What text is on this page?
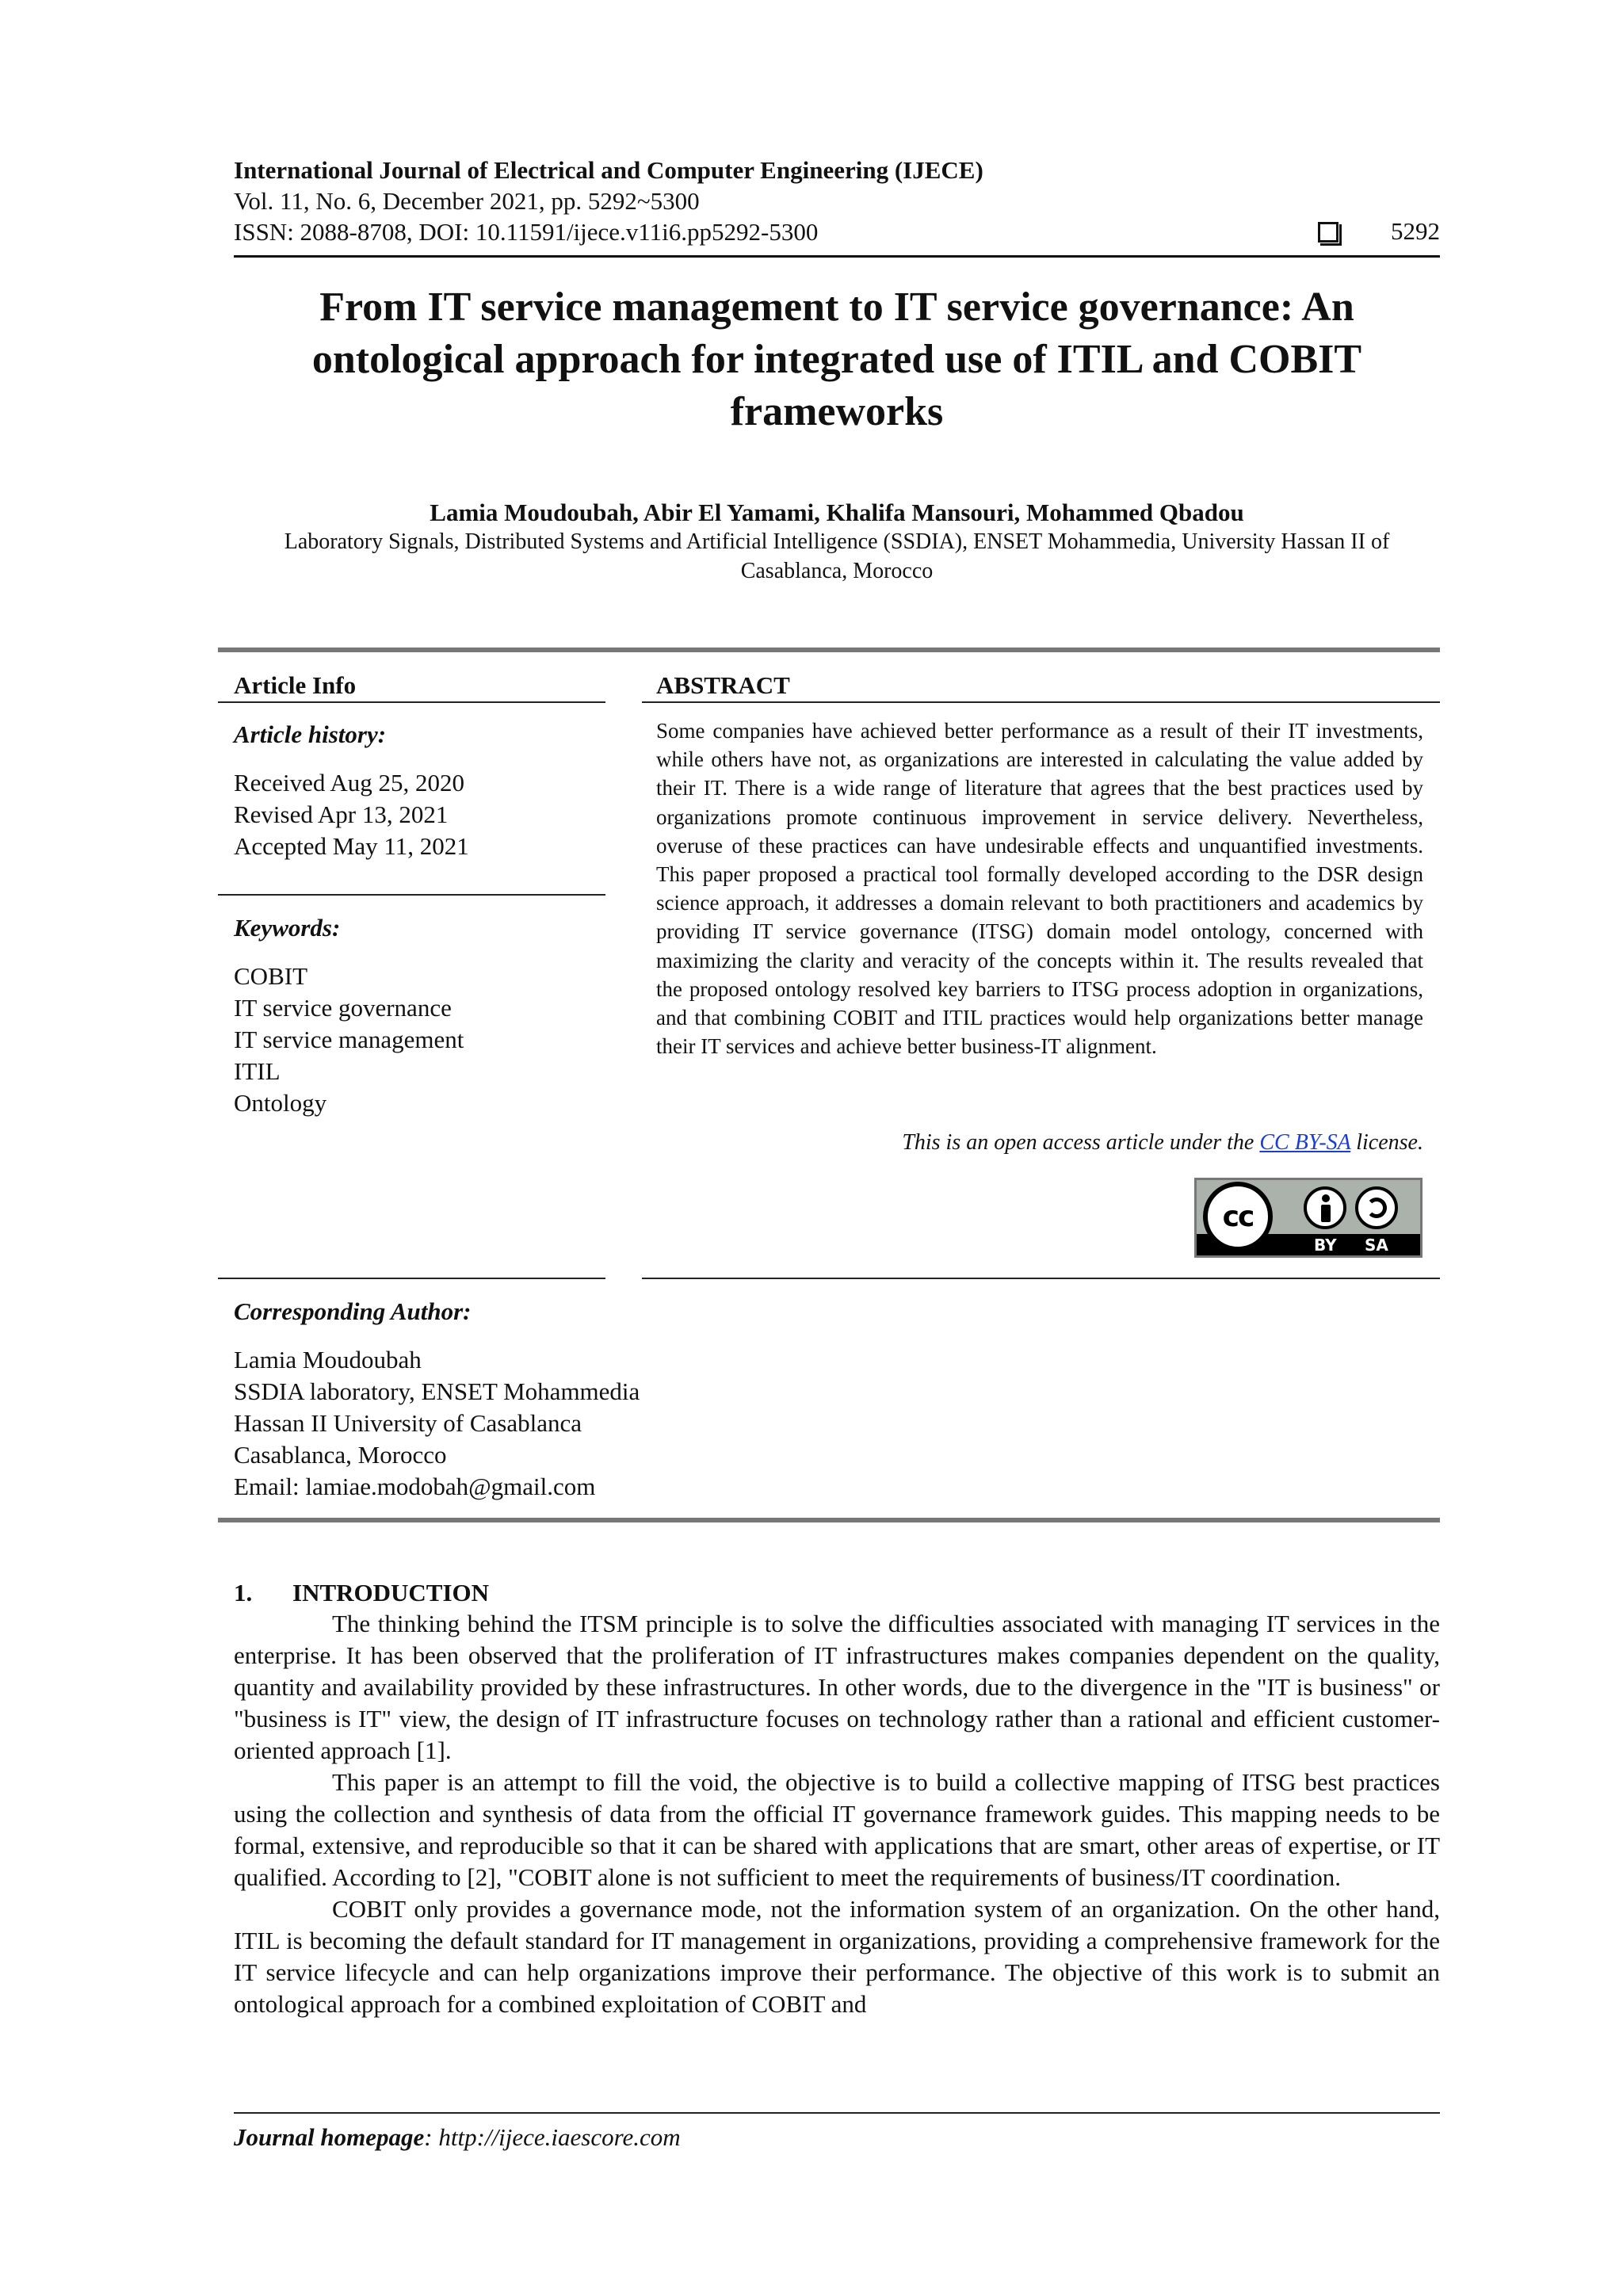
International Journal of Electrical and Computer Engineering (IJECE)
Vol. 11, No. 6, December 2021, pp. 5292~5300
ISSN: 2088-8708, DOI: 10.11591/ijece.v11i6.pp5292-5300	5292
From IT service management to IT service governance: An ontological approach for integrated use of ITIL and COBIT frameworks
Lamia Moudoubah, Abir El Yamami, Khalifa Mansouri, Mohammed Qbadou
Laboratory Signals, Distributed Systems and Artificial Intelligence (SSDIA), ENSET Mohammedia, University Hassan II of Casablanca, Morocco
Article Info
Article history:
Received Aug 25, 2020
Revised Apr 13, 2021
Accepted May 11, 2021
Keywords:
COBIT
IT service governance
IT service management
ITIL
Ontology
ABSTRACT
Some companies have achieved better performance as a result of their IT investments, while others have not, as organizations are interested in calculating the value added by their IT. There is a wide range of literature that agrees that the best practices used by organizations promote continuous improvement in service delivery. Nevertheless, overuse of these practices can have undesirable effects and unquantified investments. This paper proposed a practical tool formally developed according to the DSR design science approach, it addresses a domain relevant to both practitioners and academics by providing IT service governance (ITSG) domain model ontology, concerned with maximizing the clarity and veracity of the concepts within it. The results revealed that the proposed ontology resolved key barriers to ITSG process adoption in organizations, and that combining COBIT and ITIL practices would help organizations better manage their IT services and achieve better business-IT alignment.
This is an open access article under the CC BY-SA license.
cc
BY SA
Corresponding Author:
Lamia Moudoubah
SSDIA laboratory, ENSET Mohammedia
Hassan II University of Casablanca
Casablanca, Morocco
Email: lamiae.modobah@gmail.com
1. INTRODUCTION

The thinking behind the ITSM principle is to solve the difficulties associated with managing IT services in the enterprise. It has been observed that the proliferation of IT infrastructures makes companies dependent on the quality, quantity and availability provided by these infrastructures. In other words, due to the divergence in the "IT is business" or "business is IT" view, the design of IT infrastructure focuses on technology rather than a rational and efficient customer-oriented approach [1].

This paper is an attempt to fill the void, the objective is to build a collective mapping of ITSG best practices using the collection and synthesis of data from the official IT governance framework guides. This mapping needs to be formal, extensive, and reproducible so that it can be shared with applications that are smart, other areas of expertise, or IT qualified. According to [2], "COBIT alone is not sufficient to meet the requirements of business/IT coordination.

COBIT only provides a governance mode, not the information system of an organization. On the other hand, ITIL is becoming the default standard for IT management in organizations, providing a comprehensive framework for the IT service lifecycle and can help organizations improve their performance. The objective of this work is to submit an ontological approach for a combined exploitation of COBIT and

Journal homepage: http://ijece.iaescore.com
